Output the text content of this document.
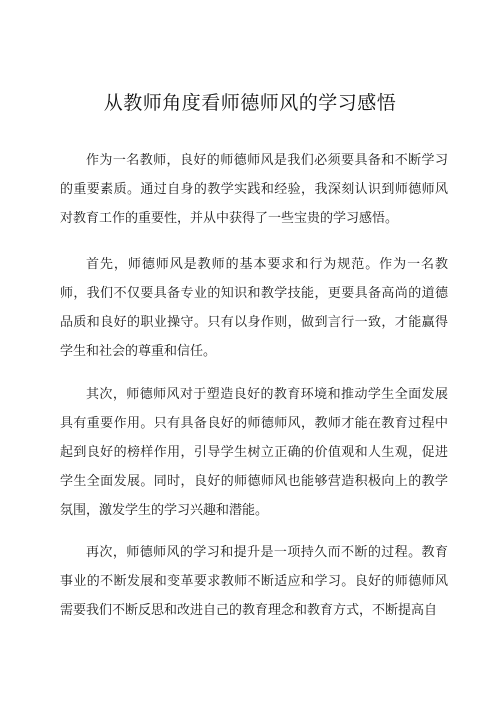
从教师角度看师德师风的学习感悟

作为一名教师，良好的师德师风是我们必须要具备和不断学习的重要素质。通过自身的教学实践和经验，我深刻认识到师德师风对教育工作的重要性，并从中获得了一些宝贵的学习感悟。

首先，师德师风是教师的基本要求和行为规范。作为一名教师，我们不仅要具备专业的知识和教学技能，更要具备高尚的道德品质和良好的职业操守。只有以身作则，做到言行一致，才能赢得学生和社会的尊重和信任。

其次，师德师风对于塑造良好的教育环境和推动学生全面发展具有重要作用。只有具备良好的师德师风，教师才能在教育过程中起到良好的榜样作用，引导学生树立正确的价值观和人生观，促进学生全面发展。同时，良好的师德师风也能够营造积极向上的教学氛围，激发学生的学习兴趣和潜能。

再次，师德师风的学习和提升是一项持久而不断的过程。教育事业的不断发展和变革要求教师不断适应和学习。良好的师德师风需要我们不断反思和改进自己的教育理念和教育方式，不断提高自
